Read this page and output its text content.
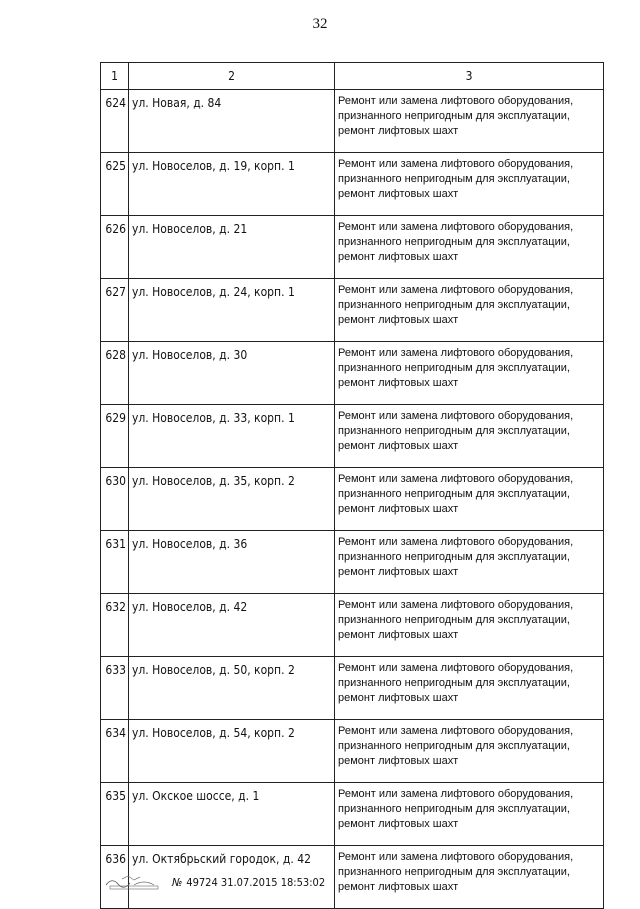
32
1	2	3
624	ул. Новая, д. 84	Ремонт или замена лифтового оборудования,
признанного непригодным для эксплуатации,
ремонт лифтовых шахт

625	ул. Новоселов, д. 19, корп. 1	Ремонт или замена лифтового оборудования,
признанного непригодным для эксплуатации,
ремонт лифтовых шахт

626	ул. Новоселов, д. 21	Ремонт или замена лифтового оборудования,
признанного непригодным для эксплуатации,
ремонт лифтовых шахт

627	ул. Новоселов, д. 24, корп. 1	Ремонт или замена лифтового оборудования,
признанного непригодным для эксплуатации,
ремонт лифтовых шахт

628	ул. Новоселов, д. 30	Ремонт или замена лифтового оборудования,
признанного непригодным для эксплуатации,
ремонт лифтовых шахт

629	ул. Новоселов, д. 33, корп. 1	Ремонт или замена лифтового оборудования,
признанного непригодным для эксплуатации,
ремонт лифтовых шахт

630	ул. Новоселов, д. 35, корп. 2	Ремонт или замена лифтового оборудования,
признанного непригодным для эксплуатации,
ремонт лифтовых шахт

631	ул. Новоселов, д. 36	Ремонт или замена лифтового оборудования,
признанного непригодным для эксплуатации,
ремонт лифтовых шахт

632	ул. Новоселов, д. 42	Ремонт или замена лифтового оборудования,
признанного непригодным для эксплуатации,
ремонт лифтовых шахт

633	ул. Новоселов, д. 50, корп. 2	Ремонт или замена лифтового оборудования,
признанного непригодным для эксплуатации,
ремонт лифтовых шахт

634	ул. Новоселов, д. 54, корп. 2	Ремонт или замена лифтового оборудования,
признанного непригодным для эксплуатации,
ремонт лифтовых шахт

635	ул. Окское шоссе, д. 1	Ремонт или замена лифтового оборудования,
признанного непригодным для эксплуатации,
ремонт лифтовых шахт

636	ул. Октябрьский городок, д. 42	Ремонт или замена лифтового оборудования,
признанного непригодным для эксплуатации,
ремонт лифтовых шахт
№ 49724 31.07.2015 18:53:02
